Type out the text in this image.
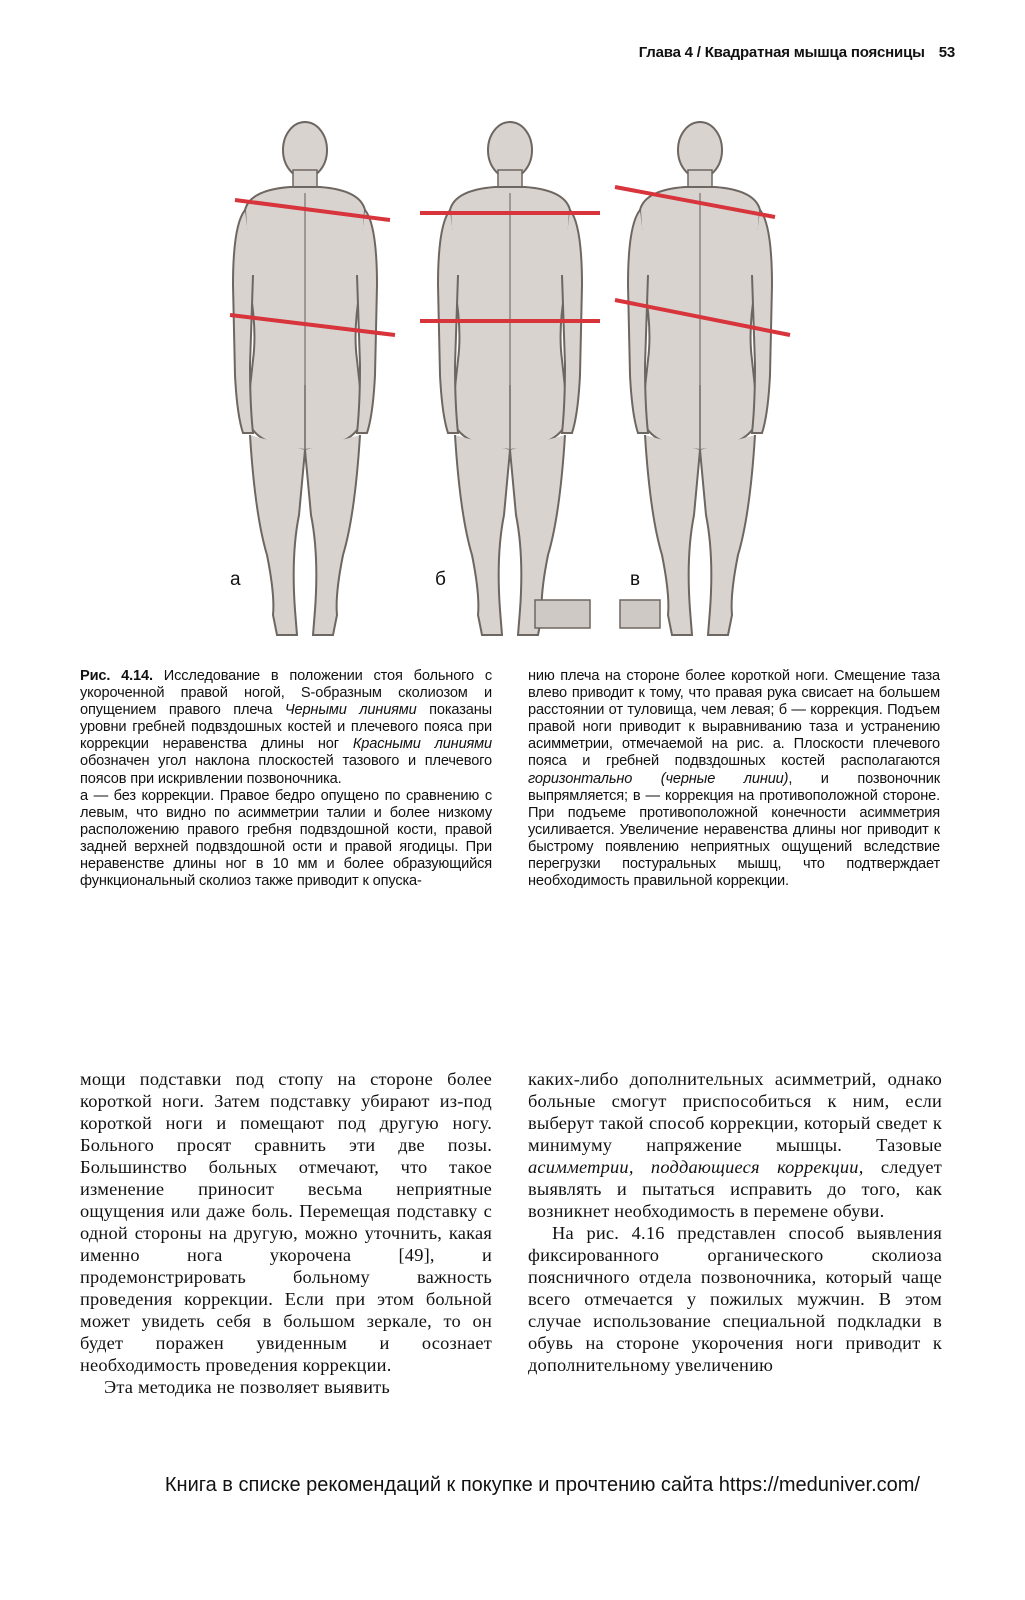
Глава 4 / Квадратная мышца поясницы 53
а	б	в

Рис. 4.14. Исследование в положении стоя больного с укороченной правой ногой, S-образным сколиозом и опущением правого плеча Черными линиями показаны уровни гребней подвздошных костей и плечевого пояса при коррекции неравенства длины ног Красными линиями обозначен угол наклона плоскостей тазового и плечевого поясов при искривлении позвоночника.

а — без коррекции. Правое бедро опущено по сравнению с левым, что видно по асимметрии талии и более низкому расположению правого гребня подвздошной кости, правой задней верхней подвздошной ости и правой ягодицы. При неравенстве длины ног в 10 мм и более образующийся функциональный сколиоз также приводит к опуска-

нию плеча на стороне более короткой ноги. Смещение таза влево приводит к тому, что правая рука свисает на большем расстоянии от туловища, чем левая; б — коррекция. Подъем правой ноги приводит к выравниванию таза и устранению асимметрии, отмечаемой на рис. а. Плоскости плечевого пояса и гребней подвздошных костей располагаются горизонтально (черные линии), и позвоночник выпрямляется; в — коррекция на противоположной стороне. При подъеме противоположной конечности асимметрия усиливается. Увеличение неравенства длины ног приводит к быстрому появлению неприятных ощущений вследствие перегрузки постуральных мышц, что подтверждает необходимость правильной коррекции.

мощи подставки под стопу на стороне более короткой ноги. Затем подставку убирают из-под короткой ноги и помещают под другую ногу. Больного просят сравнить эти две позы. Большинство больных отмечают, что такое изменение приносит весьма неприятные ощущения или даже боль. Перемещая подставку с одной стороны на другую, можно уточнить, какая именно нога укорочена [49], и продемонстрировать больному важность проведения коррекции. Если при этом больной может увидеть себя в большом зеркале, то он будет поражен увиденным и осознает необходимость проведения коррекции.

Эта методика не позволяет выявить

каких-либо дополнительных асимметрий, однако больные смогут приспособиться к ним, если выберут такой способ коррекции, который сведет к минимуму напряжение мышцы. Тазовые асимметрии, поддающиеся коррекции, следует выявлять и пытаться исправить до того, как возникнет необходимость в перемене обуви.

На рис. 4.16 представлен способ выявления фиксированного органического сколиоза поясничного отдела позвоночника, который чаще всего отмечается у пожилых мужчин. В этом случае использование специальной подкладки в обувь на стороне укорочения ноги приводит к дополнительному увеличению

Книга в списке рекомендаций к покупке и прочтению сайта https://meduniver.com/
